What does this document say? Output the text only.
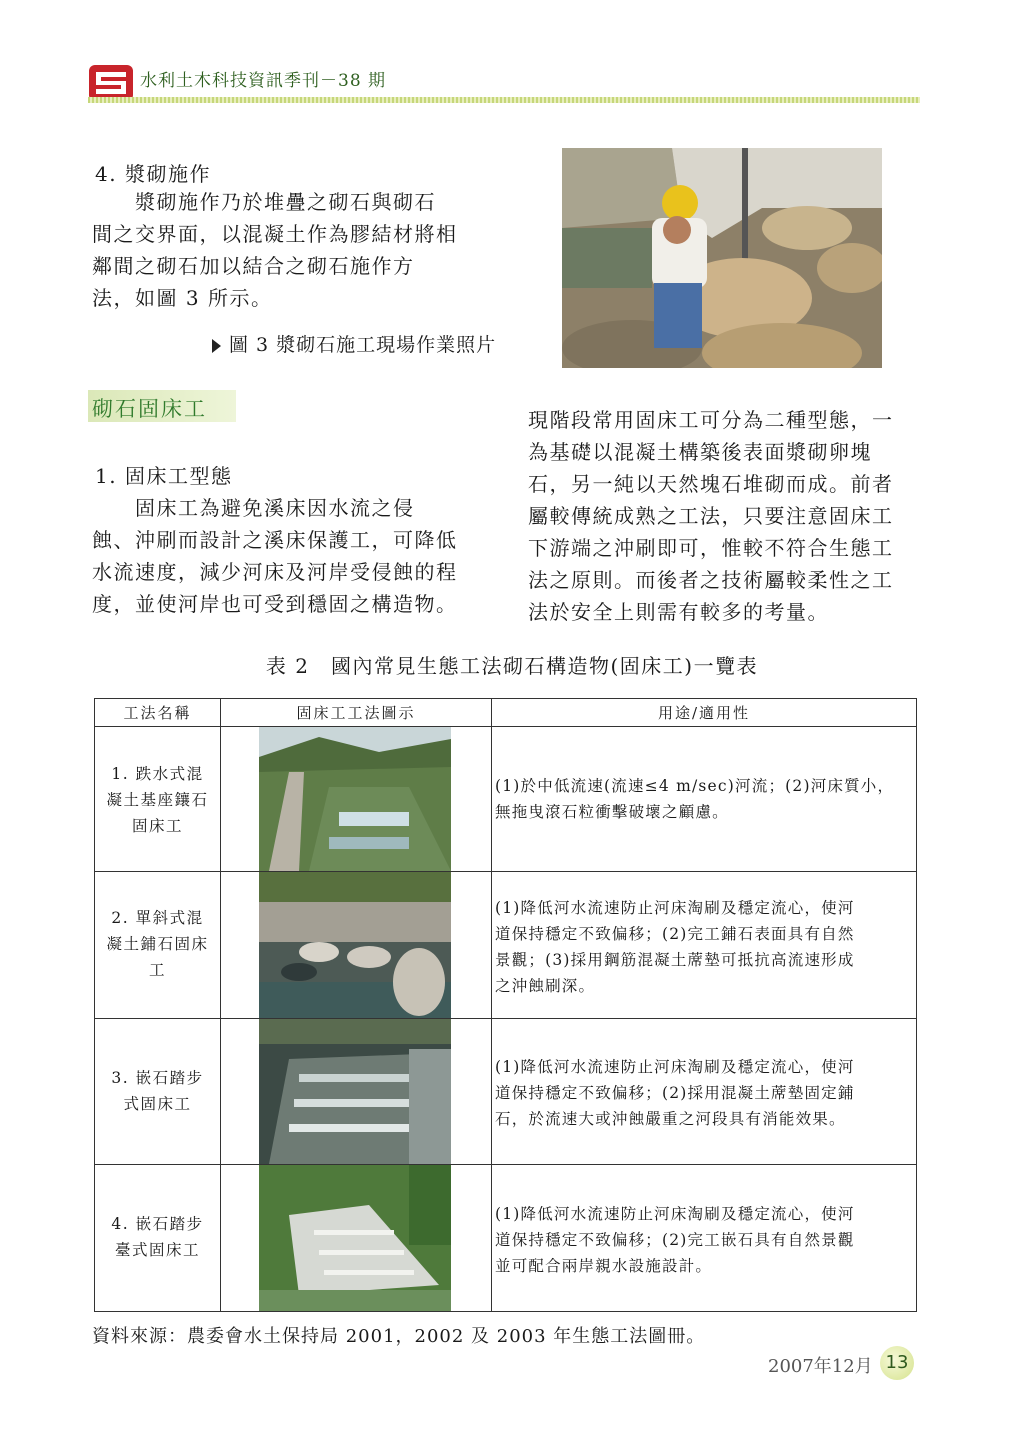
水利土木科技資訊季刊－38 期
4. 漿砌施作
　　漿砌施作乃於堆疊之砌石與砌石
間之交界面，以混凝土作為膠結材將相
鄰間之砌石加以結合之砌石施作方
法，如圖 3 所示。
圖 3 漿砌石施工現場作業照片
砌石固床工
1. 固床工型態
　　固床工為避免溪床因水流之侵
蝕、沖刷而設計之溪床保護工，可降低
水流速度，減少河床及河岸受侵蝕的程
度，並使河岸也可受到穩固之構造物。
現階段常用固床工可分為二種型態，一
為基礎以混凝土構築後表面漿砌卵塊
石，另一純以天然塊石堆砌而成。前者
屬較傳統成熟之工法，只要注意固床工
下游端之沖刷即可，惟較不符合生態工
法之原則。而後者之技術屬較柔性之工
法於安全上則需有較多的考量。
表 2　國內常見生態工法砌石構造物(固床工)一覽表
工法名稱	固床工工法圖示	用途/適用性
1. 跌水式混
凝土基座鑲石
固床工
(1)於中低流速(流速≤4 m/sec)河流；(2)河床質小，
無拖曳滾石粒衝擊破壞之顧慮。
2. 單斜式混
凝土鋪石固床
工
(1)降低河水流速防止河床淘刷及穩定流心，使河
道保持穩定不致偏移；(2)完工鋪石表面具有自然
景觀；(3)採用鋼筋混凝土蓆墊可抵抗高流速形成
之沖蝕刷深。
3. 嵌石踏步
式固床工
(1)降低河水流速防止河床淘刷及穩定流心，使河
道保持穩定不致偏移；(2)採用混凝土蓆墊固定鋪
石，於流速大或沖蝕嚴重之河段具有消能效果。
4. 嵌石踏步
臺式固床工
(1)降低河水流速防止河床淘刷及穩定流心，使河
道保持穩定不致偏移；(2)完工嵌石具有自然景觀
並可配合兩岸親水設施設計。
資料來源：農委會水土保持局 2001，2002 及 2003 年生態工法圖冊。
2007年12月 13
